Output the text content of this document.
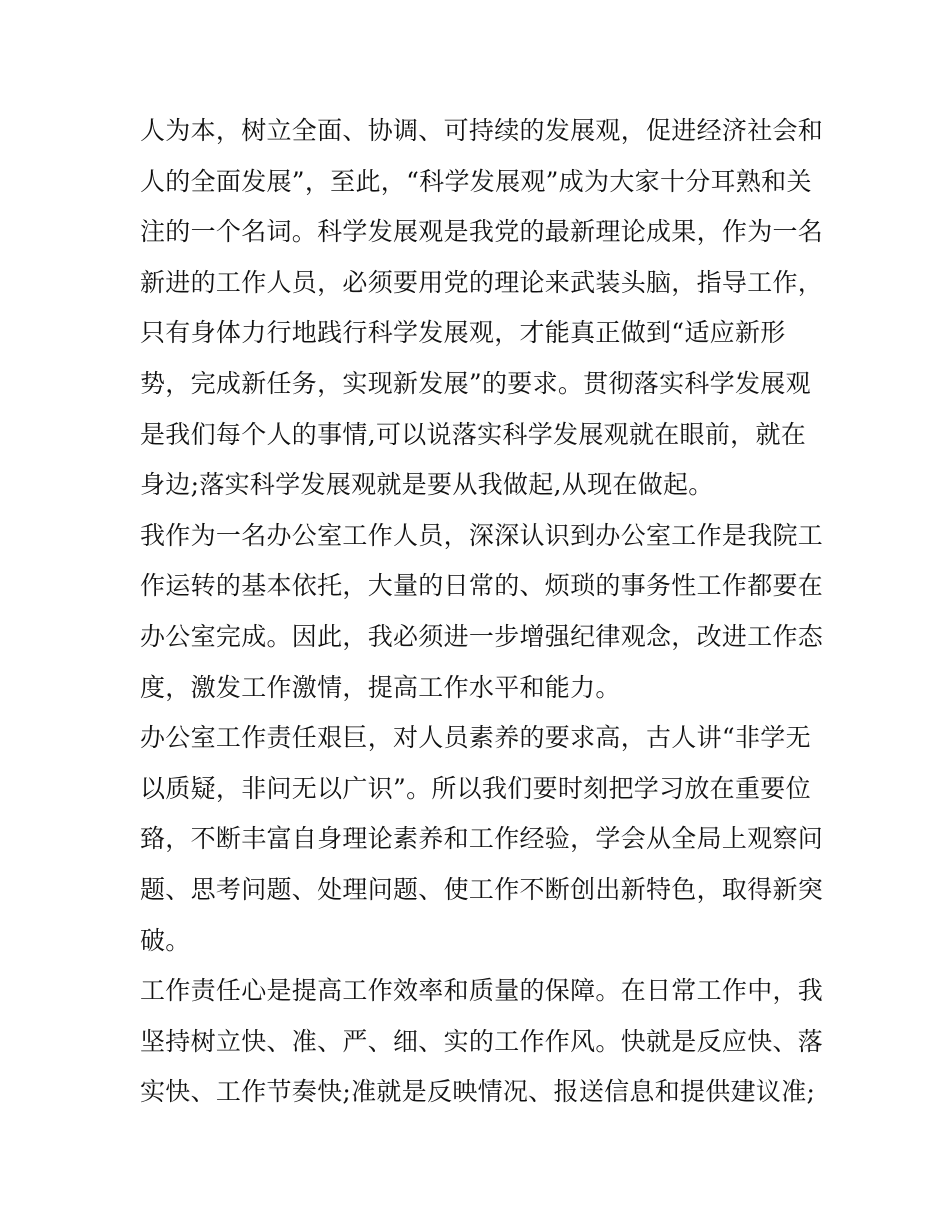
人为本，树立全面、协调、可持续的发展观，促进经济社会和
人的全面发展”，至此，“科学发展观”成为大家十分耳熟和关
注的一个名词。科学发展观是我党的最新理论成果，作为一名
新进的工作人员，必须要用党的理论来武装头脑，指导工作，
只有身体力行地践行科学发展观，才能真正做到“适应新形
势，完成新任务，实现新发展”的要求。贯彻落实科学发展观
是我们每个人的事情,可以说落实科学发展观就在眼前，就在
身边;落实科学发展观就是要从我做起,从现在做起。
我作为一名办公室工作人员，深深认识到办公室工作是我院工
作运转的基本依托，大量的日常的、烦琐的事务性工作都要在
办公室完成。因此，我必须进一步增强纪律观念，改进工作态
度，激发工作激情，提高工作水平和能力。
办公室工作责任艰巨，对人员素养的要求高，古人讲“非学无
以质疑，非问无以广识”。所以我们要时刻把学习放在重要位
臵，不断丰富自身理论素养和工作经验，学会从全局上观察问
题、思考问题、处理问题、使工作不断创出新特色，取得新突
破。
工作责任心是提高工作效率和质量的保障。在日常工作中，我
坚持树立快、准、严、细、实的工作作风。快就是反应快、落
实快、工作节奏快;准就是反映情况、报送信息和提供建议准;
